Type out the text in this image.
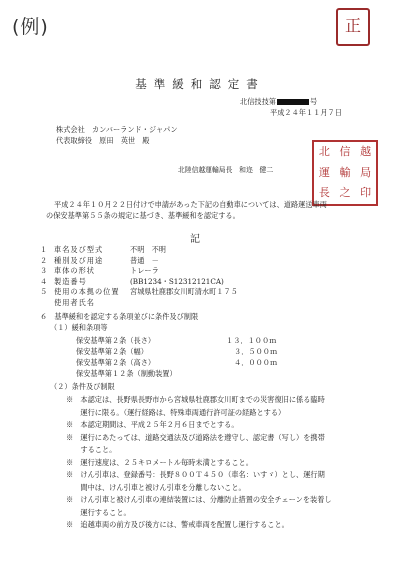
(例)	正
基準緩和認定書
北信技技第	号
平成２４年１１月７日
株式会社　カンバーランド・ジャパン
代表取締役　原田　英世　殿
北陸信越運輸局長　和迩　健二
北 信 越
運 輸 局
長 之 印
平成２４年１０月２２日付けで申請があった下記の自動車については、道路運送車両
の保安基準第５５条の規定に基づき、基準緩和を認定する。
記
１ 車名及び型式	不明　不明
２ 種別及び用途	普通　－
３ 車体の形状	トレーラ
４ 製造番号	(BB1234・S12312121CA)
５ 使用の本拠の位置 宮城県牡鹿郡女川町清水町１７５
使用者氏名
６　基準緩和を認定する条項並びに条件及び制限
（１）緩和条項等
保安基準第２条（長さ）	１３．１００ｍ
保安基準第２条（幅）	３．５００ｍ
保安基準第２条（高さ）	４．０００ｍ
保安基準第１２条（制動装置）
（２）条件及び制限
※　本認定は、長野県長野市から宮城県牡鹿郡女川町までの災害復旧に係る臨時
　　運行に限る。（運行経路は、特殊車両通行許可証の経路とする）
※　本認定期間は、平成２５年２月６日までとする。
※　運行にあたっては、道路交通法及び道路法を遵守し、認定書（写し）を携帯
　　すること。
※　運行速度は、２５キロメートル毎時未満とすること。
※　けん引車は、登録番号：長野８００Ｔ４５０（車名：いすゞ）とし、運行期
　　間中は、けん引車と被けん引車を分離しないこと。
※　けん引車と被けん引車の連結装置には、分離防止措置の安全チェーンを装着し
　　運行すること。
※　追越車両の前方及び後方には、警戒車両を配置し運行すること。
